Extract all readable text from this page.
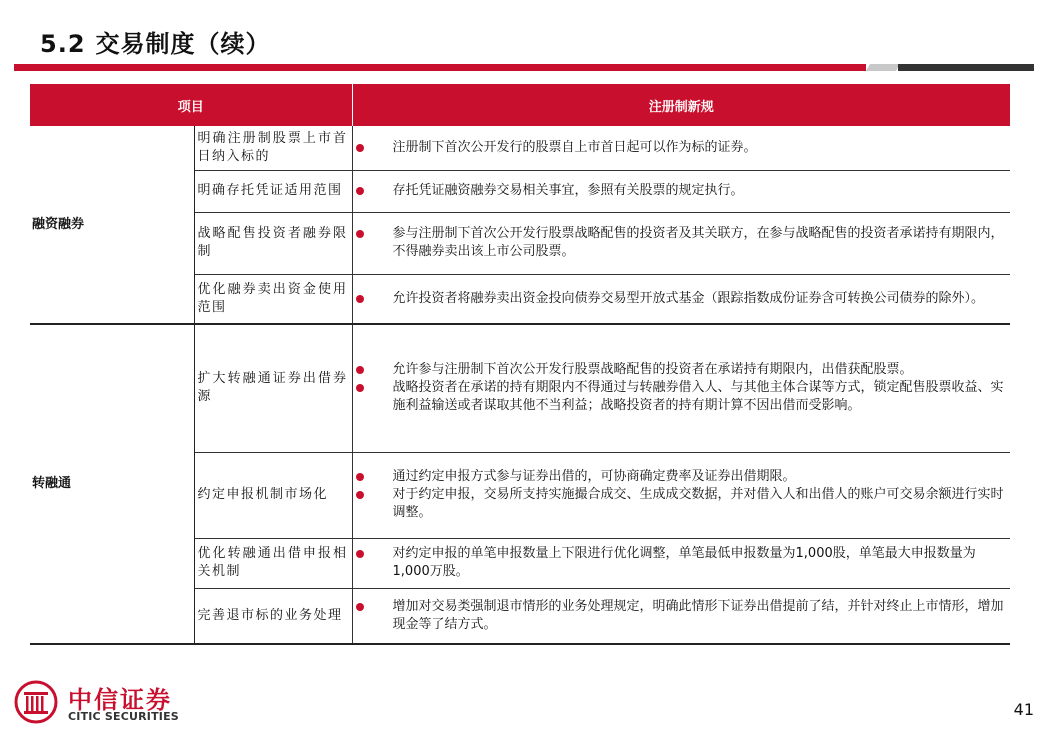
5.2 交易制度（续）
项目		注册制新规
融资融券	明确注册制股票上市首日纳入标的	注册制下首次公开发行的股票自上市首日起可以作为标的证券。

	明确存托凭证适用范围	存托凭证融资融券交易相关事宜，参照有关股票的规定执行。

	战略配售投资者融券限制	参与注册制下首次公开发行股票战略配售的投资者及其关联方，在参与战略配售的投资者承诺持有期限内，不得融券卖出该上市公司股票。

	优化融券卖出资金使用范围	允许投资者将融券卖出资金投向债券交易型开放式基金（跟踪指数成份证券含可转换公司债券的除外）。

转融通	扩大转融通证券出借券源	允许参与注册制下首次公开发行股票战略配售的投资者在承诺持有期限内，出借获配股票。
战略投资者在承诺的持有期限内不得通过与转融券借入人、与其他主体合谋等方式，锁定配售股票收益、实施利益输送或者谋取其他不当利益；战略投资者的持有期计算不因出借而受影响。

	约定申报机制市场化	通过约定申报方式参与证券出借的，可协商确定费率及证券出借期限。
对于约定申报，交易所支持实施撮合成交、生成成交数据，并对借入人和出借人的账户可交易余额进行实时调整。

	优化转融通出借申报相关机制	对约定申报的单笔申报数量上下限进行优化调整，单笔最低申报数量为1,000股，单笔最大申报数量为1,000万股。

	完善退市标的业务处理	增加对交易类强制退市情形的业务处理规定，明确此情形下证券出借提前了结，并针对终止上市情形，增加现金等了结方式。
中信证券
CITIC SECURITIES	41
